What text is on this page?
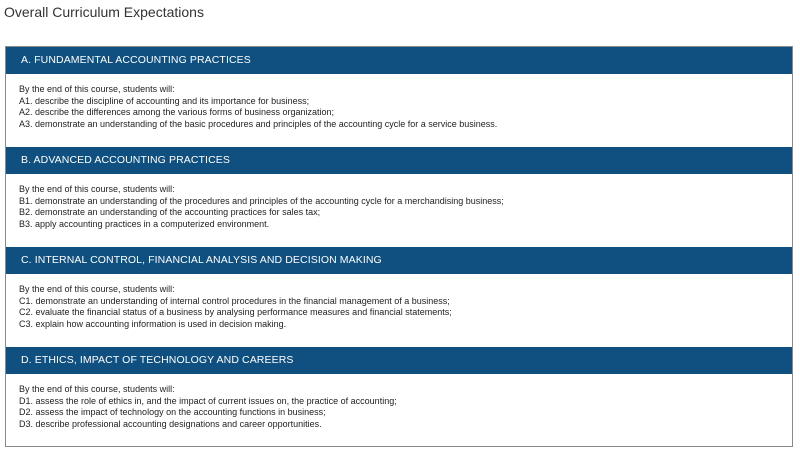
Overall Curriculum Expectations
A. FUNDAMENTAL ACCOUNTING PRACTICES
By the end of this course, students will:
A1. describe the discipline of accounting and its importance for business;
A2. describe the differences among the various forms of business organization;
A3. demonstrate an understanding of the basic procedures and principles of the accounting cycle for a service business.
B. ADVANCED ACCOUNTING PRACTICES
By the end of this course, students will:
B1. demonstrate an understanding of the procedures and principles of the accounting cycle for a merchandising business;
B2. demonstrate an understanding of the accounting practices for sales tax;
B3. apply accounting practices in a computerized environment.
C. INTERNAL CONTROL, FINANCIAL ANALYSIS AND DECISION MAKING
By the end of this course, students will:
C1. demonstrate an understanding of internal control procedures in the financial management of a business;
C2. evaluate the financial status of a business by analysing performance measures and financial statements;
C3. explain how accounting information is used in decision making.
D. ETHICS, IMPACT OF TECHNOLOGY AND CAREERS
By the end of this course, students will:
D1. assess the role of ethics in, and the impact of current issues on, the practice of accounting;
D2. assess the impact of technology on the accounting functions in business;
D3. describe professional accounting designations and career opportunities.
